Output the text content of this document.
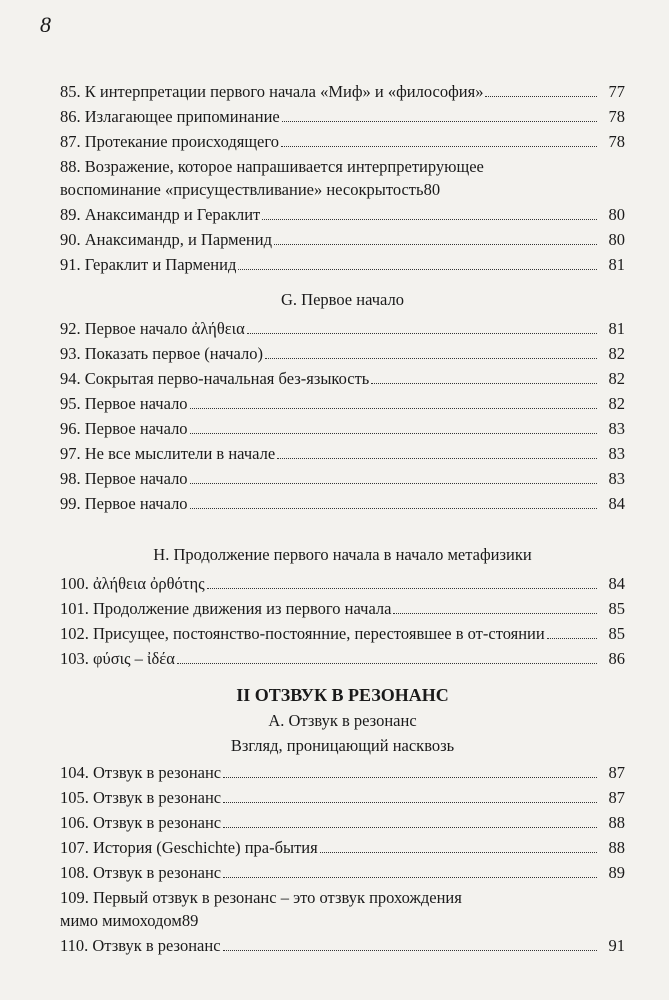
8
85. К интерпретации первого начала «Миф» и «философия»	77
86. Излагающее припоминание	78
87. Протекание происходящего	78
88. Возражение, которое напрашивается интерпретирующее
воспоминание «присуществливание» несокрытость 80
89. Анаксимандр и Гераклит	80
90. Анаксимандр, и Парменид	80
91. Гераклит и Парменид	81
G. Первое начало
92. Первое начало ἀλήθεια	81
93. Показать первое (начало)	82
94. Сокрытая перво-начальная без-языкость	82
95. Первое начало	82
96. Первое начало	83
97. Не все мыслители в начале	83
98. Первое начало	83
99. Первое начало	84
H. Продолжение первого начала в начало метафизики
100. ἀλήθεια ὀρθότης	84
101. Продолжение движения из первого начала	85
102. Присущее, постоянство-постоянние, перестоявшее в от-стоянии	85
103. φύσις – ἰδέα	86
II ОТЗВУК В РЕЗОНАНС
А. Отзвук в резонанс
Взгляд, проницающий насквозь
104. Отзвук в резонанс	87
105. Отзвук в резонанс	87
106. Отзвук в резонанс	88
107. История (Geschichte) пра-бытия	88
108. Отзвук в резонанс	89
109. Первый отзвук в резонанс – это отзвук прохождения
мимо мимоходом 89
110. Отзвук в резонанс	91
